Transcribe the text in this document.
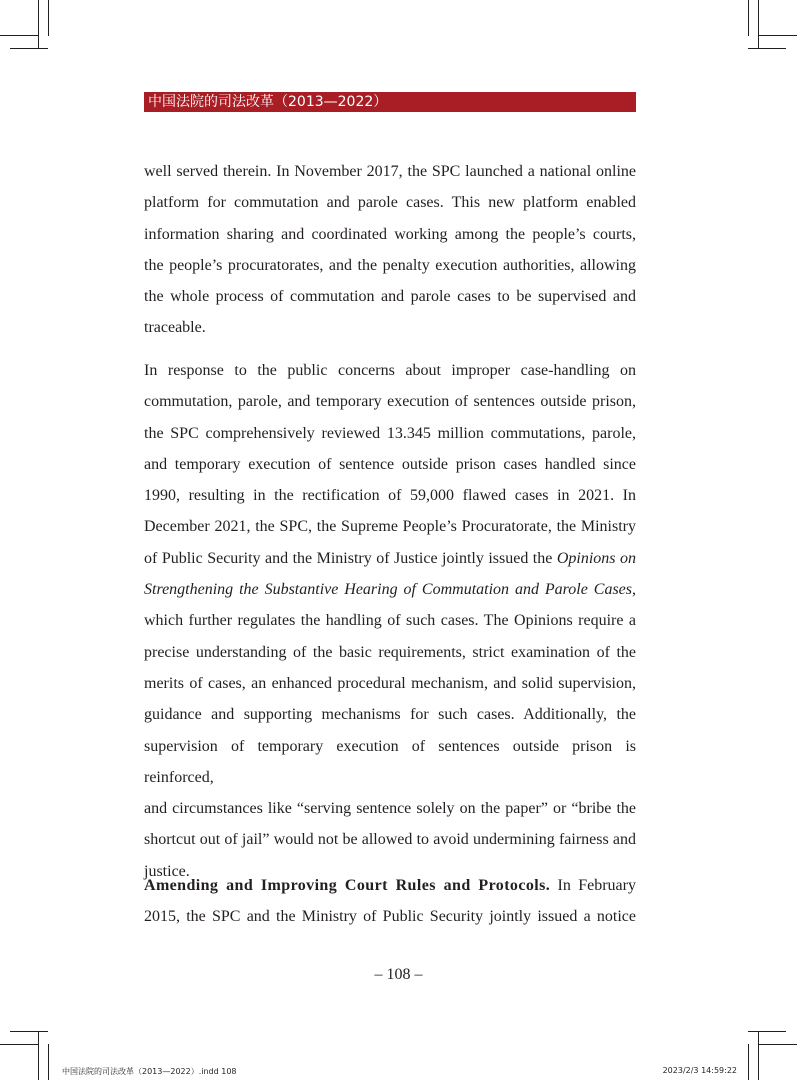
中国法院的司法改革（2013—2022）

well served therein. In November 2017, the SPC launched a national online
platform for commutation and parole cases. This new platform enabled
information sharing and coordinated working among the people’s courts,
the people’s procuratorates, and the penalty execution authorities, allowing
the whole process of commutation and parole cases to be supervised and
traceable.

In response to the public concerns about improper case-handling on
commutation, parole, and temporary execution of sentences outside prison,
the SPC comprehensively reviewed 13.345 million commutations, parole,
and temporary execution of sentence outside prison cases handled since
1990, resulting in the rectification of 59,000 flawed cases in 2021. In
December 2021, the SPC, the Supreme People’s Procuratorate, the Ministry
of Public Security and the Ministry of Justice jointly issued the Opinions on
Strengthening the Substantive Hearing of Commutation and Parole Cases,
which further regulates the handling of such cases. The Opinions require a
precise understanding of the basic requirements, strict examination of the
merits of cases, an enhanced procedural mechanism, and solid supervision,
guidance and supporting mechanisms for such cases. Additionally, the
supervision of temporary execution of sentences outside prison is reinforced,
and circumstances like “serving sentence solely on the paper” or “bribe the
shortcut out of jail” would not be allowed to avoid undermining fairness and
justice.

Amending and Improving Court Rules and Protocols. In February
2015, the SPC and the Ministry of Public Security jointly issued a notice

– 108 –
中国法院的司法改革（2013—2022）.indd 108	2023/2/3 14:59:22
